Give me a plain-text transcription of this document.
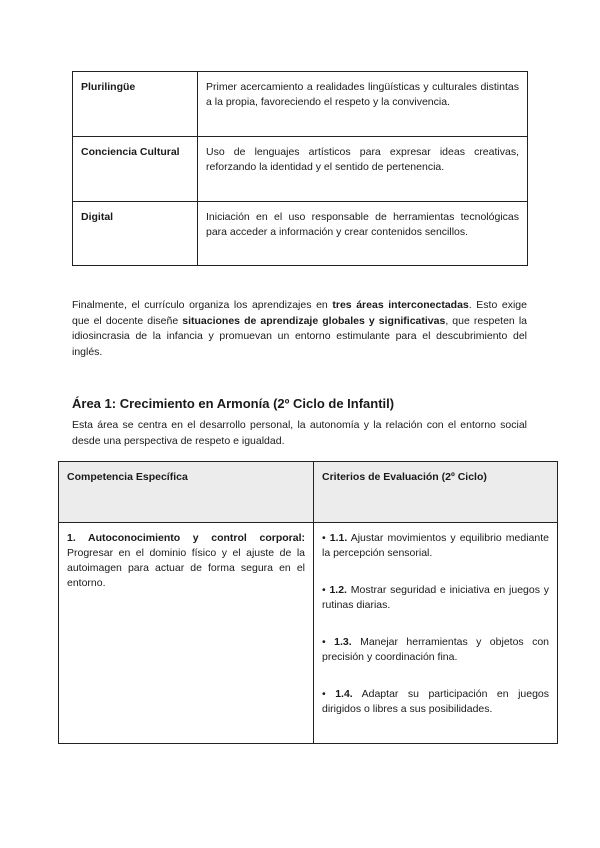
Plurilingüe	Primer acercamiento a realidades lingüísticas y culturales distintas a la propia, favoreciendo el respeto y la convivencia.
Conciencia Cultural	Uso de lenguajes artísticos para expresar ideas creativas, reforzando la identidad y el sentido de pertenencia.
Digital	Iniciación en el uso responsable de herramientas tecnológicas para acceder a información y crear contenidos sencillos.

Finalmente, el currículo organiza los aprendizajes en tres áreas interconectadas. Esto exige que el docente diseñe situaciones de aprendizaje globales y significativas, que respeten la idiosincrasia de la infancia y promuevan un entorno estimulante para el descubrimiento del inglés.

Área 1: Crecimiento en Armonía (2º Ciclo de Infantil)

Esta área se centra en el desarrollo personal, la autonomía y la relación con el entorno social desde una perspectiva de respeto e igualdad.

Competencia Específica	Criterios de Evaluación (2º Ciclo)
1. Autoconocimiento y control corporal: Progresar en el dominio físico y el ajuste de la autoimagen para actuar de forma segura en el entorno.	• 1.1. Ajustar movimientos y equilibrio mediante la percepción sensorial.

• 1.2. Mostrar seguridad e iniciativa en juegos y rutinas diarias.

• 1.3. Manejar herramientas y objetos con precisión y coordinación fina.

• 1.4. Adaptar su participación en juegos dirigidos o libres a sus posibilidades.
